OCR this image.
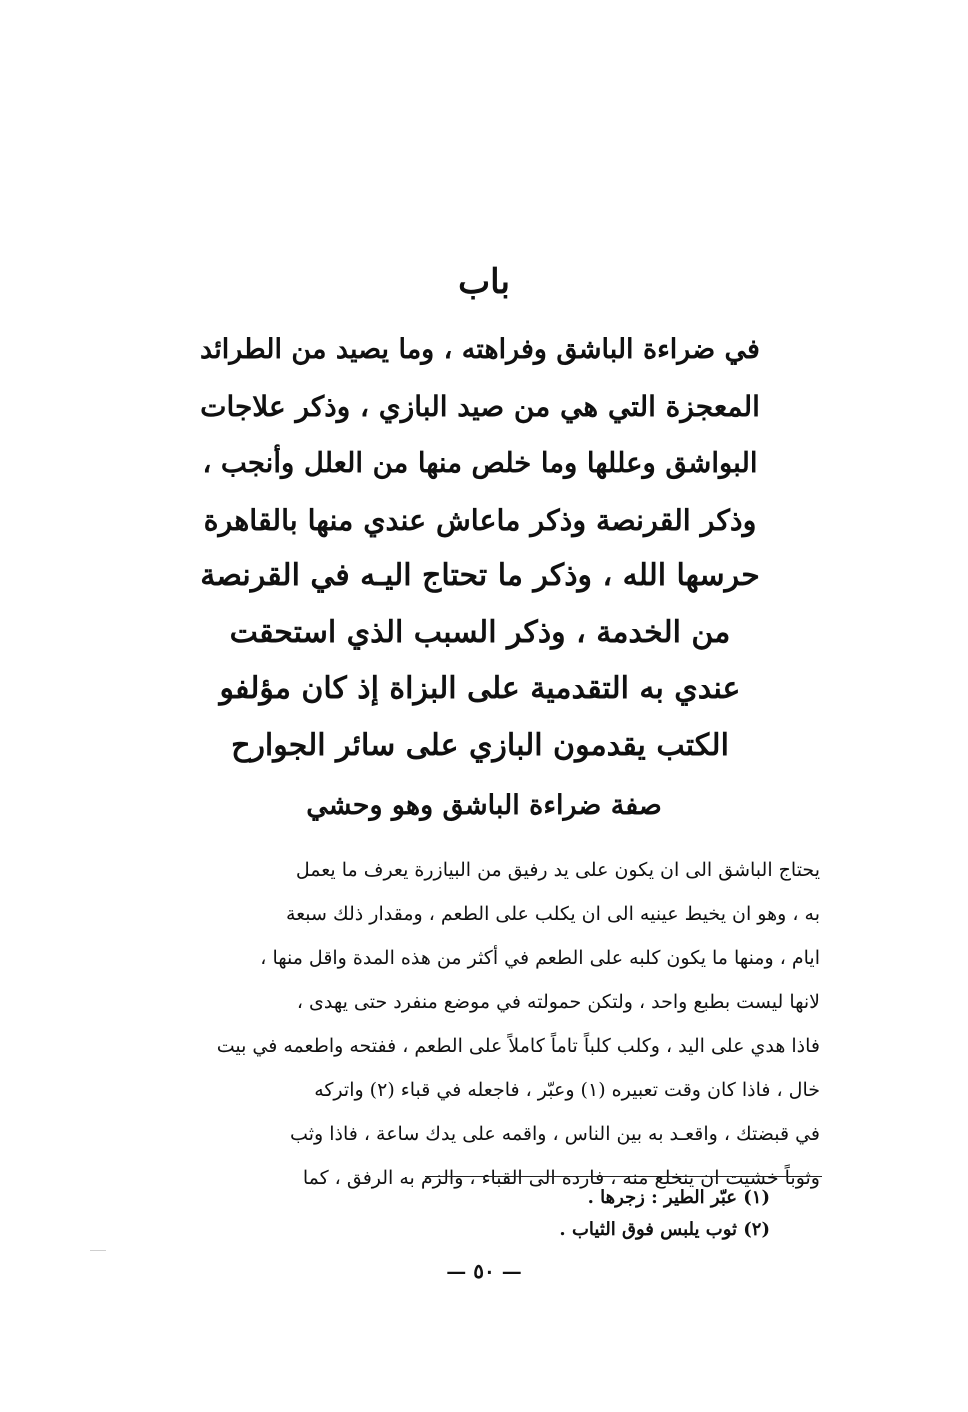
باب
في ضراءة الباشق وفراهته ، وما يصيد من الطرائد
المعجزة التي هي من صيد البازي ، وذكر علاجات
البواشق وعللها وما خلص منها من العلل وأنجب ،
وذكر القرنصة وذكر ماعاش عندي منها بالقاهرة
حرسها الله ، وذكر ما تحتاج اليـه في القرنصة
من الخدمة ، وذكر السبب الذي استحقت
عندي به التقدمية على البزاة إذ كان مؤلفو
الكتب يقدمون البازي على سائر الجوارح
صفة ضراءة الباشق وهو وحشي
يحتاج الباشق الى ان يكون على يد رفيق من البيازرة يعرف ما يعمل
به ، وهو ان يخيط عينيه الى ان يكلب على الطعم ، ومقدار ذلك سبعة
ايام ، ومنها ما يكون كلبه على الطعم في أكثر من هذه المدة واقل منها ،
لانها ليست بطبع واحد ، ولتكن حمولته في موضع منفرد حتى يهدى ،
فاذا هدي على اليد ، وكلب كلباً تاماً كاملاً على الطعم ، ففتحه واطعمه في بيت
خال ، فاذا كان وقت تعبيره (١) وعبّر ، فاجعله في قباء (٢) واتركه
في قبضتك ، واقعـد به بين الناس ، واقمه على يدك ساعة ، فاذا وثب
وثوباً خشيت ان ينخلع منه ، فارده الى القباء ، والزم به الرفق ، كما
(١) عبّر الطير : زجرها .
(٢) ثوب يلبس فوق الثياب .
— ٥٠ —
